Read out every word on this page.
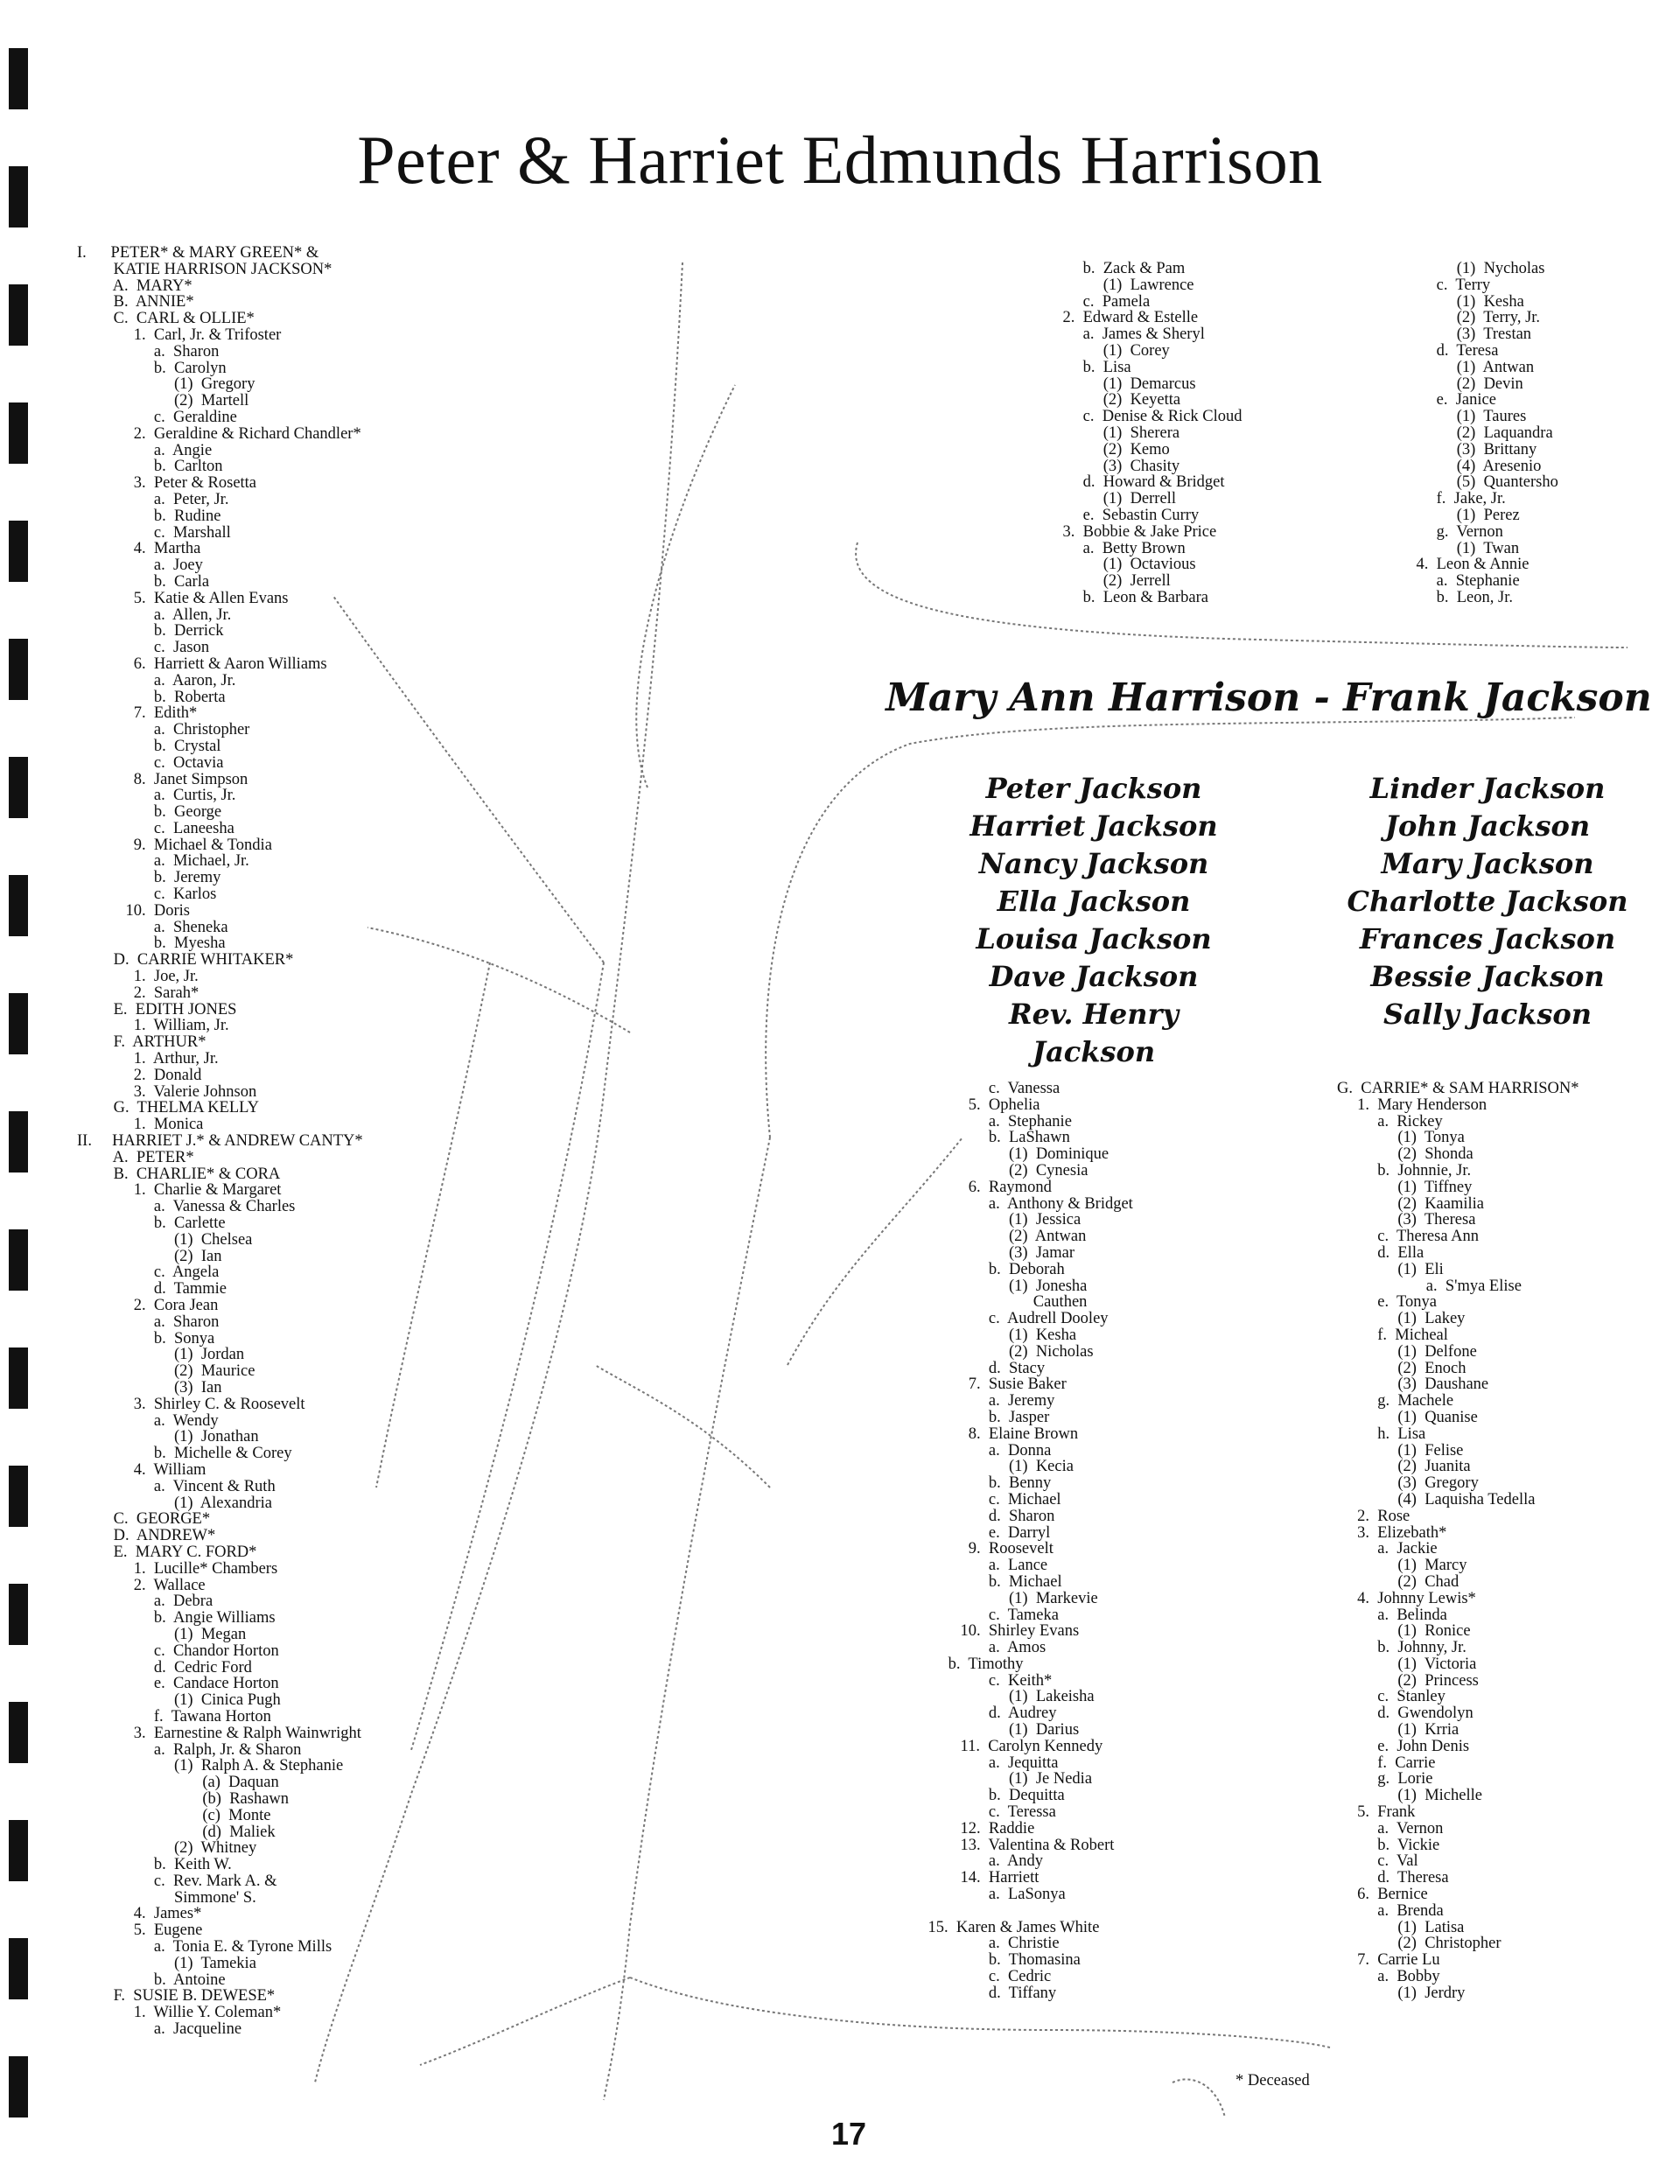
Peter & Harriet Edmunds Harrison
I.      PETER* & MARY GREEN* &
KATIE HARRISON JACKSON*
A.  MARY*
B.  ANNIE*
C.  CARL & OLLIE*
1.  Carl, Jr. & Trifoster
a.  Sharon
b.  Carolyn
(1)  Gregory
(2)  Martell
c.  Geraldine
2.  Geraldine & Richard Chandler*
a.  Angie
b.  Carlton
3.  Peter & Rosetta
a.  Peter, Jr.
b.  Rudine
c.  Marshall
4.  Martha
a.  Joey
b.  Carla
5.  Katie & Allen Evans
a.  Allen, Jr.
b.  Derrick
c.  Jason
6.  Harriett & Aaron Williams
a.  Aaron, Jr.
b.  Roberta
7.  Edith*
a.  Christopher
b.  Crystal
c.  Octavia
8.  Janet Simpson
a.  Curtis, Jr.
b.  George
c.  Laneesha
9.  Michael & Tondia
a.  Michael, Jr.
b.  Jeremy
c.  Karlos
10.  Doris
a.  Sheneka
b.  Myesha
D.  CARRIE WHITAKER*
1.  Joe, Jr.
2.  Sarah*
E.  EDITH JONES
1.  William, Jr.
F.  ARTHUR*
1.  Arthur, Jr.
2.  Donald
3.  Valerie Johnson
G.  THELMA KELLY
1.  Monica
II.     HARRIET J.* & ANDREW CANTY*
A.  PETER*
B.  CHARLIE* & CORA
1.  Charlie & Margaret
a.  Vanessa & Charles
b.  Carlette
(1)  Chelsea
(2)  Ian
c.  Angela
d.  Tammie
2.  Cora Jean
a.  Sharon
b.  Sonya
(1)  Jordan
(2)  Maurice
(3)  Ian
3.  Shirley C. & Roosevelt
a.  Wendy
(1)  Jonathan
b.  Michelle & Corey
4.  William
a.  Vincent & Ruth
(1)  Alexandria
C.  GEORGE*
D.  ANDREW*
E.  MARY C. FORD*
1.  Lucille* Chambers
2.  Wallace
a.  Debra
b.  Angie Williams
(1)  Megan
c.  Chandor Horton
d.  Cedric Ford
e.  Candace Horton
(1)  Cinica Pugh
f.  Tawana Horton
3.  Earnestine & Ralph Wainwright
a.  Ralph, Jr. & Sharon
(1)  Ralph A. & Stephanie
(a)  Daquan
(b)  Rashawn
(c)  Monte
(d)  Maliek
(2)  Whitney
b.  Keith W.
c.  Rev. Mark A. &
Simmone' S.
4.  James*
5.  Eugene
a.  Tonia E. & Tyrone Mills
(1)  Tamekia
b.  Antoine
F.  SUSIE B. DEWESE*
1.  Willie Y. Coleman*
a.  Jacqueline
b.  Zack & Pam
(1)  Lawrence
c.  Pamela
2.  Edward & Estelle
a.  James & Sheryl
(1)  Corey
b.  Lisa
(1)  Demarcus
(2)  Keyetta
c.  Denise & Rick Cloud
(1)  Sherera
(2)  Kemo
(3)  Chasity
d.  Howard & Bridget
(1)  Derrell
e.  Sebastin Curry
3.  Bobbie & Jake Price
a.  Betty Brown
(1)  Octavious
(2)  Jerrell
b.  Leon & Barbara
(1)  Nycholas
c.  Terry
(1)  Kesha
(2)  Terry, Jr.
(3)  Trestan
d.  Teresa
(1)  Antwan
(2)  Devin
e.  Janice
(1)  Taures
(2)  Laquandra
(3)  Brittany
(4)  Aresenio
(5)  Quantersho
f.  Jake, Jr.
(1)  Perez
g.  Vernon
(1)  Twan
4.  Leon & Annie
a.  Stephanie
b.  Leon, Jr.
Mary Ann Harrison - Frank Jackson
Peter Jackson
Harriet Jackson
Nancy Jackson
Ella Jackson
Louisa Jackson
Dave Jackson
Rev. Henry Jackson
Linder Jackson
John Jackson
Mary Jackson
Charlotte Jackson
Frances Jackson
Bessie Jackson
Sally Jackson
c.  Vanessa
5.  Ophelia
a.  Stephanie
b.  LaShawn
(1)  Dominique
(2)  Cynesia
6.  Raymond
a.  Anthony & Bridget
(1)  Jessica
(2)  Antwan
(3)  Jamar
b.  Deborah
(1)  Jonesha
Cauthen
c.  Audrell Dooley
(1)  Kesha
(2)  Nicholas
d.  Stacy
7.  Susie Baker
a.  Jeremy
b.  Jasper
8.  Elaine Brown
a.  Donna
(1)  Kecia
b.  Benny
c.  Michael
d.  Sharon
e.  Darryl
9.  Roosevelt
a.  Lance
b.  Michael
(1)  Markevie
c.  Tameka
10.  Shirley Evans
a.  Amos
b.  Timothy
c.  Keith*
(1)  Lakeisha
d.  Audrey
(1)  Darius
11.  Carolyn Kennedy
a.  Jequitta
(1)  Je Nedia
b.  Dequitta
c.  Teressa
12.  Raddie
13.  Valentina & Robert
a.  Andy
14.  Harriett
a.  LaSonya
15.  Karen & James White
a.  Christie
b.  Thomasina
c.  Cedric
d.  Tiffany
G.  CARRIE* & SAM HARRISON*
1.  Mary Henderson
a.  Rickey
(1)  Tonya
(2)  Shonda
b.  Johnnie, Jr.
(1)  Tiffney
(2)  Kaamilia
(3)  Theresa
c.  Theresa Ann
d.  Ella
(1)  Eli
a.  S'mya Elise
e.  Tonya
(1)  Lakey
f.  Micheal
(1)  Delfone
(2)  Enoch
(3)  Daushane
g.  Machele
(1)  Quanise
h.  Lisa
(1)  Felise
(2)  Juanita
(3)  Gregory
(4)  Laquisha Tedella
2.  Rose
3.  Elizebath*
a.  Jackie
(1)  Marcy
(2)  Chad
4.  Johnny Lewis*
a.  Belinda
(1)  Ronice
b.  Johnny, Jr.
(1)  Victoria
(2)  Princess
c.  Stanley
d.  Gwendolyn
(1)  Krria
e.  John Denis
f.  Carrie
g.  Lorie
(1)  Michelle
5.  Frank
a.  Vernon
b.  Vickie
c.  Val
d.  Theresa
6.  Bernice
a.  Brenda
(1)  Latisa
(2)  Christopher
7.  Carrie Lu
a.  Bobby
(1)  Jerdry
* Deceased
17
